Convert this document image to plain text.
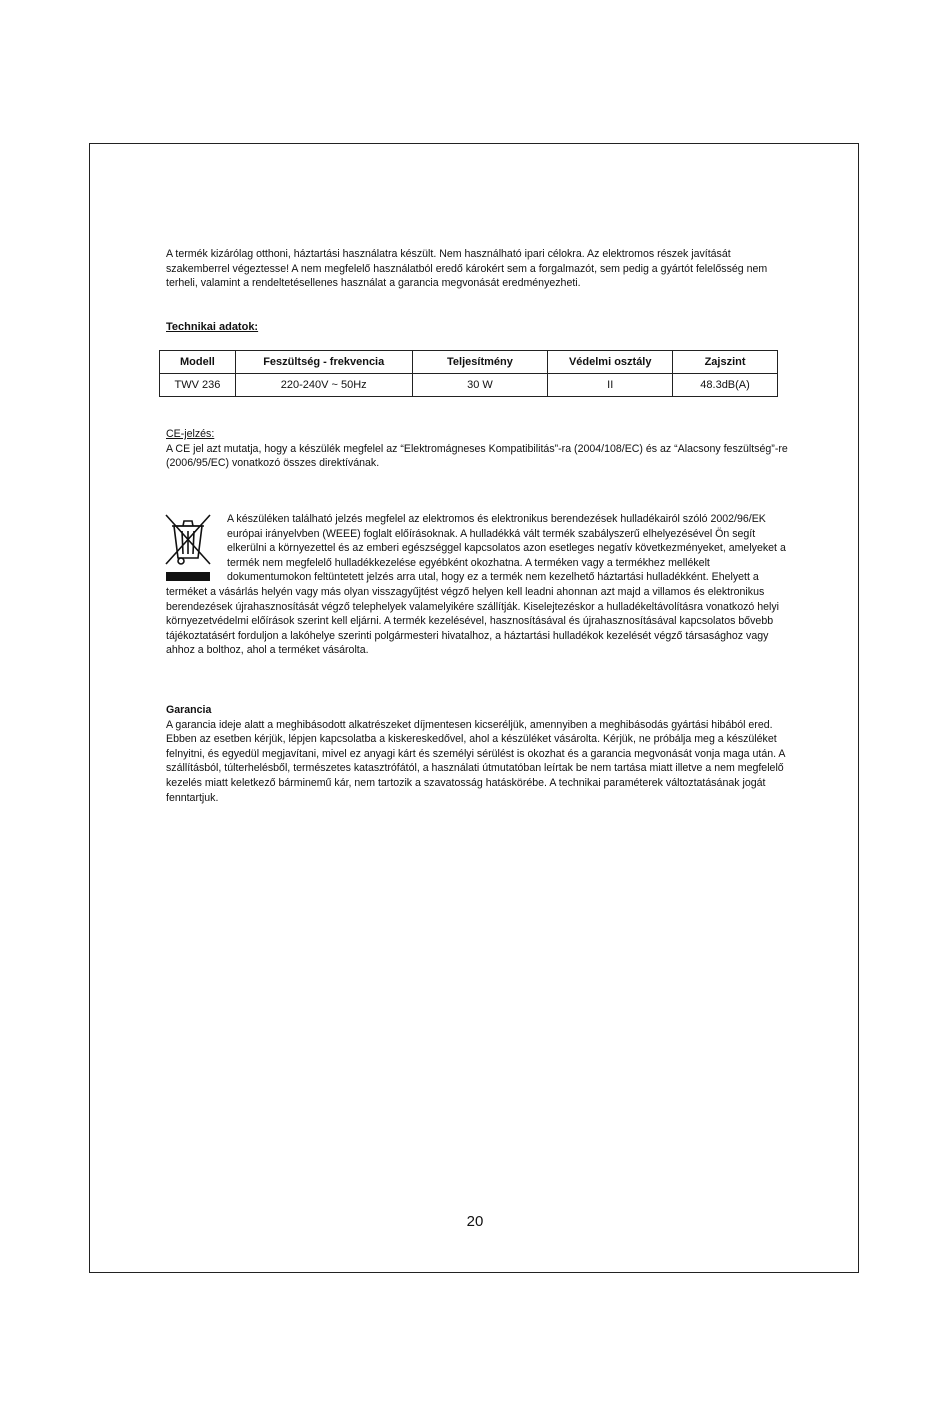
A termék kizárólag otthoni, háztartási használatra készült. Nem használható ipari célokra. Az elektromos részek javítását szakemberrel végeztesse! A nem megfelelő használatból eredő károkért sem a forgalmazót, sem pedig a gyártót felelősség nem terheli, valamint a rendeltetésellenes használat a garancia megvonását eredményezheti.

Technikai adatok:
Modell	Feszültség - frekvencia	Teljesítmény	Védelmi osztály	Zajszint
TWV 236	220-240V ~ 50Hz	30 W	II	48.3dB(A)

CE-jelzés:

A CE jel azt mutatja, hogy a készülék megfelel az “Elektromágneses Kompatibilitás”-ra (2004/108/EC) és az “Alacsony feszültség”-re (2006/95/EC) vonatkozó összes direktívának.

A készüléken található jelzés megfelel az elektromos és elektronikus berendezések hulladékairól szóló 2002/96/EK európai irányelvben (WEEE) foglalt előírásoknak. A hulladékká vált termék szabályszerű elhelyezésével Ön segít elkerülni a környezettel és az emberi egészséggel kapcsolatos azon esetleges negatív következményeket, amelyeket a termék nem megfelelő hulladékkezelése egyébként okozhatna. A terméken vagy a termékhez mellékelt dokumentumokon feltüntetett jelzés arra utal, hogy ez a termék nem kezelhető háztartási hulladékként. Ehelyett a terméket a vásárlás helyén vagy más olyan visszagyűjtést végző helyen kell leadni ahonnan azt majd a villamos és elektronikus berendezések újrahasznosítását végző telephelyek valamelyikére szállítják. Kiselejtezéskor a hulladékeltávolításra vonatkozó helyi környezetvédelmi előírások szerint kell eljárni. A termék kezelésével, hasznosításával és újrahasznosításával kapcsolatos bővebb tájékoztatásért forduljon a lakóhelye szerinti polgármesteri hivatalhoz, a háztartási hulladékok kezelését végző társasághoz vagy ahhoz a bolthoz, ahol a terméket vásárolta.

Garancia

A garancia ideje alatt a meghibásodott alkatrészeket díjmentesen kicseréljük, amennyiben a meghibásodás gyártási hibából ered. Ebben az esetben kérjük, lépjen kapcsolatba a kiskereskedővel, ahol a készüléket vásárolta. Kérjük, ne próbálja meg a készüléket felnyitni, és egyedül megjavítani, mivel ez anyagi kárt és személyi sérülést is okozhat és a garancia megvonását vonja maga után. A szállításból, túlterhelésből, természetes katasztrófától, a használati útmutatóban leírtak be nem tartása miatt illetve a nem megfelelő kezelés miatt keletkező bárminemű kár, nem tartozik a szavatosság hatáskörébe. A technikai paraméterek változtatásának jogát fenntartjuk.

20
